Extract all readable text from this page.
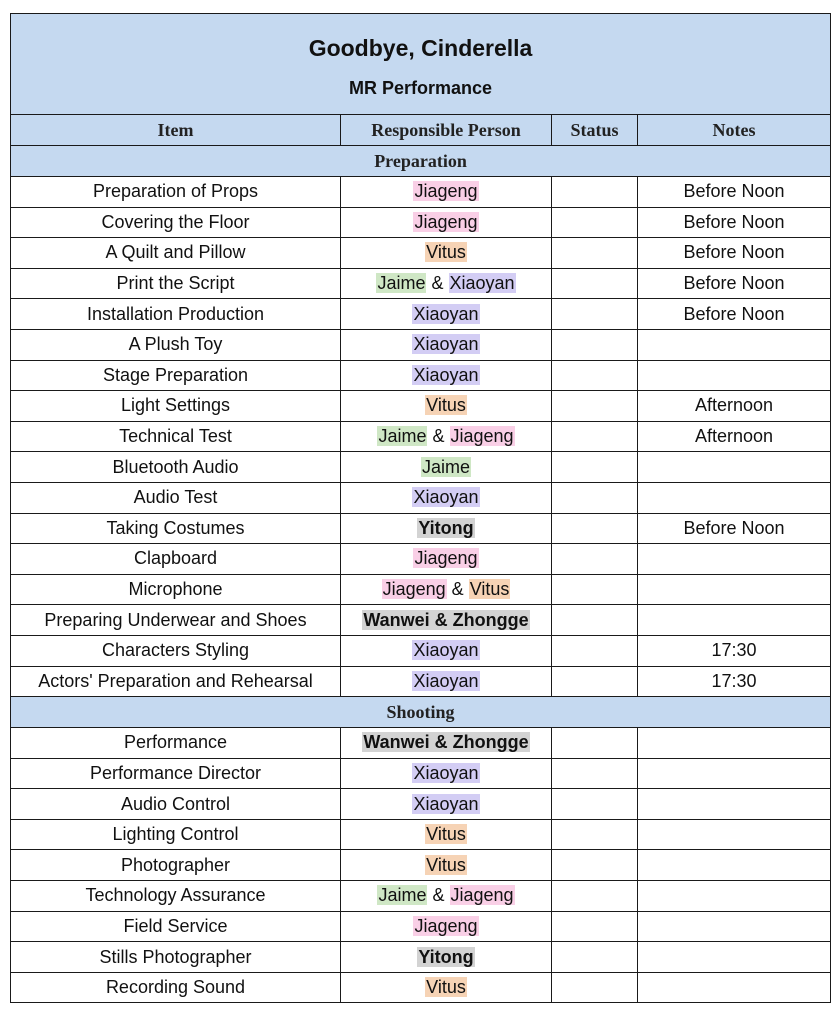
Goodbye, Cinderella
MR Performance			

Item	Responsible Person	Status	Notes
Preparation			
Preparation of Props	Jiageng		Before Noon
Covering the Floor	Jiageng		Before Noon
A Quilt and Pillow	Vitus		Before Noon
Print the Script	Jaime & Xiaoyan		Before Noon
Installation Production	Xiaoyan		Before Noon
A Plush Toy	Xiaoyan		
Stage Preparation	Xiaoyan		
Light Settings	Vitus		Afternoon
Technical Test	Jaime & Jiageng		Afternoon
Bluetooth Audio	Jaime		
Audio Test	Xiaoyan		
Taking Costumes	Yitong		Before Noon
Clapboard	Jiageng		
Microphone	Jiageng & Vitus		
Preparing Underwear and Shoes	Wanwei & Zhongge		
Characters Styling	Xiaoyan		17:30
Actors' Preparation and Rehearsal	Xiaoyan		17:30
Shooting			
Performance	Wanwei & Zhongge		
Performance Director	Xiaoyan		
Audio Control	Xiaoyan		
Lighting Control	Vitus		
Photographer	Vitus		
Technology Assurance	Jaime & Jiageng		
Field Service	Jiageng		
Stills Photographer	Yitong		
Recording Sound	Vitus		
